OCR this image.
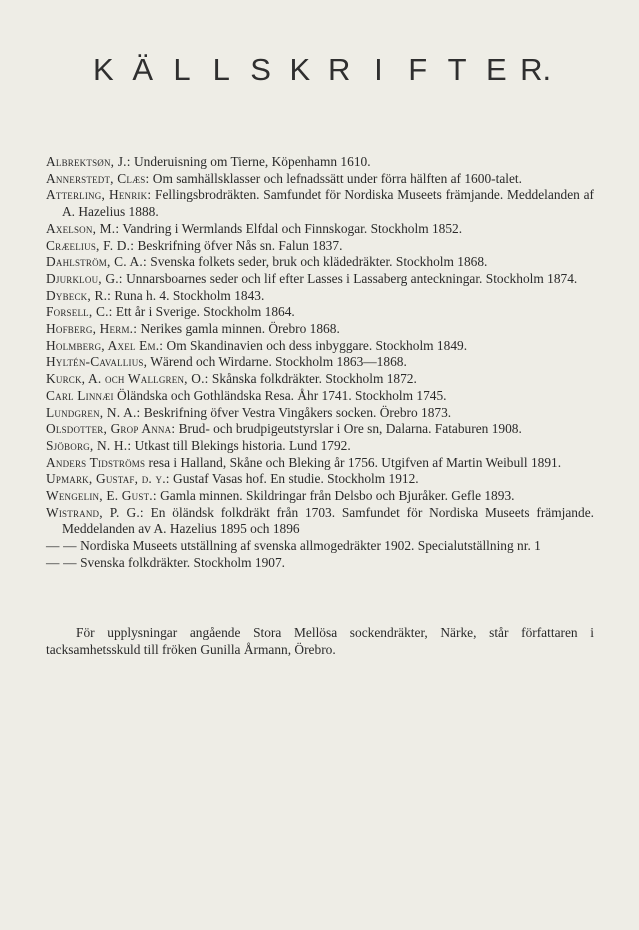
K Ä L L S K R I F T E R.

Albrektsøn, J.: Underuisning om Tierne, Köpenhamn 1610.

Annerstedt, Clæs: Om samhällsklasser och lefnadssätt under förra hälften af 1600-talet.

Atterling, Henrik: Fellingsbrodräkten. Samfundet för Nordiska Museets främjande. Meddelanden af A. Hazelius 1888.

Axelson, M.: Vandring i Wermlands Elfdal och Finnskogar. Stockholm 1852.

Cræelius, F. D.: Beskrifning öfver Nås sn. Falun 1837.

Dahlström, C. A.: Svenska folkets seder, bruk och klädedräkter. Stockholm 1868.

Djurklou, G.: Unnarsboarnes seder och lif efter Lasses i Lassaberg anteckningar. Stockholm 1874.

Dybeck, R.: Runa h. 4. Stockholm 1843.

Forsell, C.: Ett år i Sverige. Stockholm 1864.

Hofberg, Herm.: Nerikes gamla minnen. Örebro 1868.

Holmberg, Axel Em.: Om Skandinavien och dess inbyggare. Stockholm 1849.

Hyltén-Cavallius, Wärend och Wirdarne. Stockholm 1863—1868.

Kurck, A. och Wallgren, O.: Skånska folkdräkter. Stockholm 1872.

Carl Linnæi Öländska och Gothländska Resa. Åhr 1741. Stockholm 1745.

Lundgren, N. A.: Beskrifning öfver Vestra Vingåkers socken. Örebro 1873.

Olsdotter, Grop Anna: Brud- och brudpigeutstyrslar i Ore sn, Dalarna. Fataburen 1908.

Sjöborg, N. H.: Utkast till Blekings historia. Lund 1792.

Anders Tidströms resa i Halland, Skåne och Bleking år 1756. Utgifven af Martin Weibull 1891.

Upmark, Gustaf, d. y.: Gustaf Vasas hof. En studie. Stockholm 1912.

Wengelin, E. Gust.: Gamla minnen. Skildringar från Delsbo och Bjuråker. Gefle 1893.

Wistrand, P. G.: En öländsk folkdräkt från 1703. Samfundet för Nordiska Museets främjande. Meddelanden av A. Hazelius 1895 och 1896

— — Nordiska Museets utställning af svenska allmogedräkter 1902. Specialutställning nr. 1

— — Svenska folkdräkter. Stockholm 1907.

För upplysningar angående Stora Mellösa sockendräkter, Närke, står författaren i tacksamhetsskuld till fröken Gunilla Årmann, Örebro.
